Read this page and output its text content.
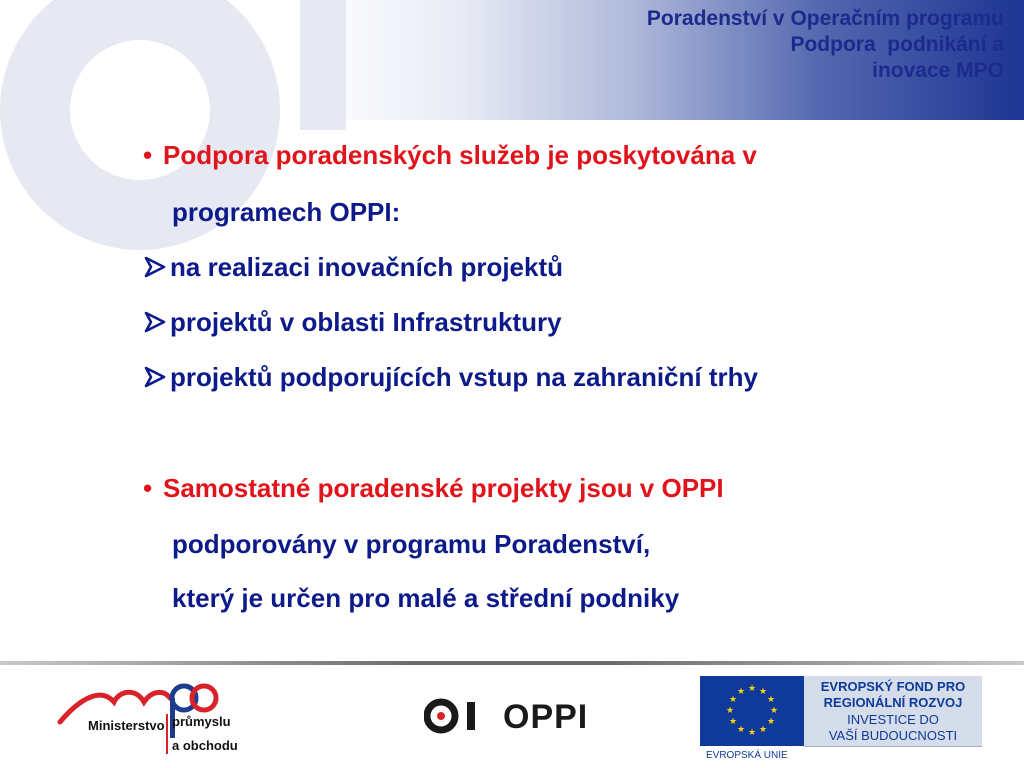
Poradenství v Operačním programu
Podpora  podnikání a
inovace MPO
• Podpora poradenských služeb je poskytována v
programech OPPI:
na realizaci inovačních projektů
projektů v oblasti Infrastruktury
projektů podporujících vstup na zahraniční trhy
• Samostatné poradenské projekty jsou v OPPI
podporovány v programu Poradenství,
který je určen pro malé a střední podniky
Ministerstvo průmyslu
a obchodu
OPPI
★ ★
★
★
★
★
★
★
★
★
★
★	EVROPSKÝ FOND PRO
REGIONÁLNÍ ROZVOJ
INVESTICE DO
VAŠÍ BUDOUCNOSTI
EVROPSKÁ UNIE
